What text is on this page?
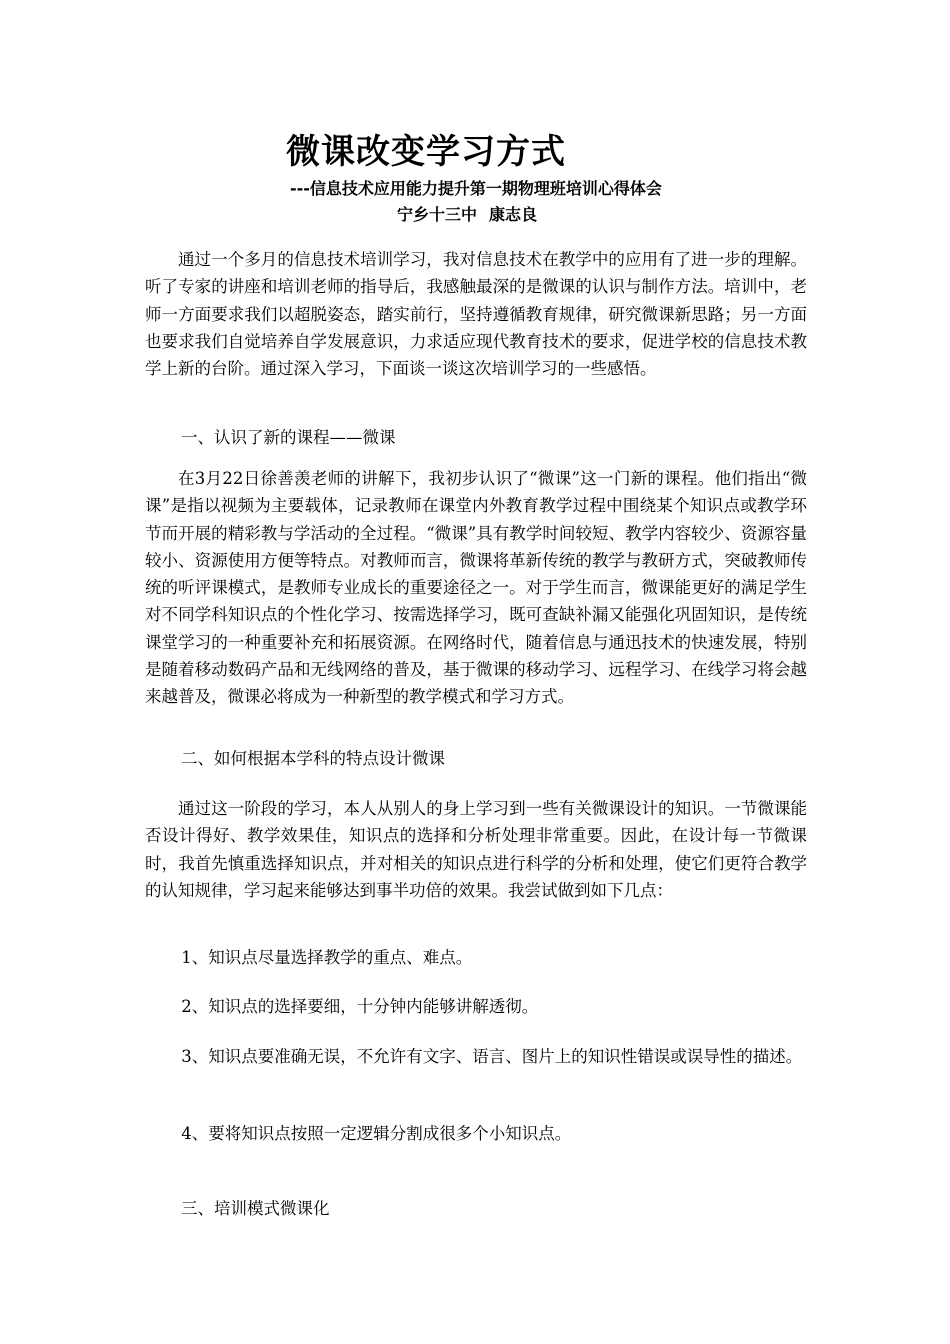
微课改变学习方式
---信息技术应用能力提升第一期物理班培训心得体会
宁乡十三中 康志良
通过一个多月的信息技术培训学习，我对信息技术在教学中的应用有了进一步的理解。听了专家的讲座和培训老师的指导后，我感触最深的是微课的认识与制作方法。培训中，老师一方面要求我们以超脱姿态，踏实前行，坚持遵循教育规律，研究微课新思路；另一方面也要求我们自觉培养自学发展意识，力求适应现代教育技术的要求，促进学校的信息技术教学上新的台阶。通过深入学习，下面谈一谈这次培训学习的一些感悟。
一、认识了新的课程——微课
在3月22日徐善羡老师的讲解下，我初步认识了“微课”这一门新的课程。他们指出“微课”是指以视频为主要载体，记录教师在课堂内外教育教学过程中围绕某个知识点或教学环节而开展的精彩教与学活动的全过程。“微课”具有教学时间较短、教学内容较少、资源容量较小、资源使用方便等特点。对教师而言，微课将革新传统的教学与教研方式，突破教师传统的听评课模式，是教师专业成长的重要途径之一。对于学生而言，微课能更好的满足学生对不同学科知识点的个性化学习、按需选择学习，既可查缺补漏又能强化巩固知识，是传统课堂学习的一种重要补充和拓展资源。在网络时代，随着信息与通迅技术的快速发展，特别是随着移动数码产品和无线网络的普及，基于微课的移动学习、远程学习、在线学习将会越来越普及，微课必将成为一种新型的教学模式和学习方式。
二、如何根据本学科的特点设计微课
通过这一阶段的学习，本人从别人的身上学习到一些有关微课设计的知识。一节微课能否设计得好、教学效果佳，知识点的选择和分析处理非常重要。因此，在设计每一节微课时，我首先慎重选择知识点，并对相关的知识点进行科学的分析和处理，使它们更符合教学的认知规律，学习起来能够达到事半功倍的效果。我尝试做到如下几点：
1、知识点尽量选择教学的重点、难点。
2、知识点的选择要细，十分钟内能够讲解透彻。
3、知识点要准确无误，不允许有文字、语言、图片上的知识性错误或误导性的描述。
4、要将知识点按照一定逻辑分割成很多个小知识点。
三、培训模式微课化
